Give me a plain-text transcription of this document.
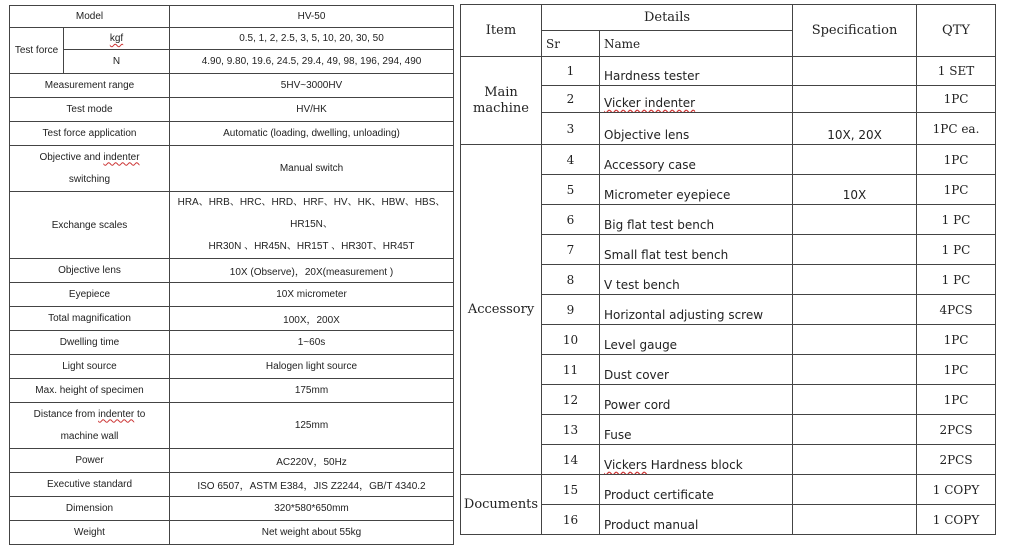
Model		HV-50
Test force	kgf	0.5, 1, 2, 2.5, 3, 5, 10, 20, 30, 50
	N	4.90, 9.80, 19.6, 24.5, 29.4, 49, 98, 196, 294, 490
Measurement range		5HV~3000HV
Test mode		HV/HK
Test force application		Automatic (loading, dwelling, unloading)
Objective and indenter
switching		Manual switch
Exchange scales		HRA、HRB、HRC、HRD、HRF、HV、HK、HBW、HBS、HR15N、
HR30N 、HR45N、HR15T 、HR30T、HR45T
Objective lens		10X (Observe)，20X(measurement )
Eyepiece		10X micrometer
Total magnification		100X，200X
Dwelling time		1~60s
Light source		Halogen light source
Max. height of specimen		175mm
Distance from indenter to
machine wall		125mm
Power		AC220V，50Hz
Executive standard		ISO 6507，ASTM E384，JIS Z2244，GB/T 4340.2
Dimension		320*580*650mm
Weight		Net weight about 55kg
Item	Details		Specification	QTY
	Sr	Name		
Main machine	1	Hardness tester		1 SET
	2	Vicker indenter		1PC
	3	Objective lens	10X, 20X	1PC ea.
Accessory	4	Accessory case		1PC
	5	Micrometer eyepiece	10X	1PC
	6	Big flat test bench		1 PC
	7	Small flat test bench		1 PC
	8	V test bench		1 PC
	9	Horizontal adjusting screw		4PCS
	10	Level gauge		1PC
	11	Dust cover		1PC
	12	Power cord		1PC
	13	Fuse		2PCS
	14	Vickers Hardness block		2PCS
Documents	15	Product certificate		1 COPY
	16	Product manual		1 COPY
